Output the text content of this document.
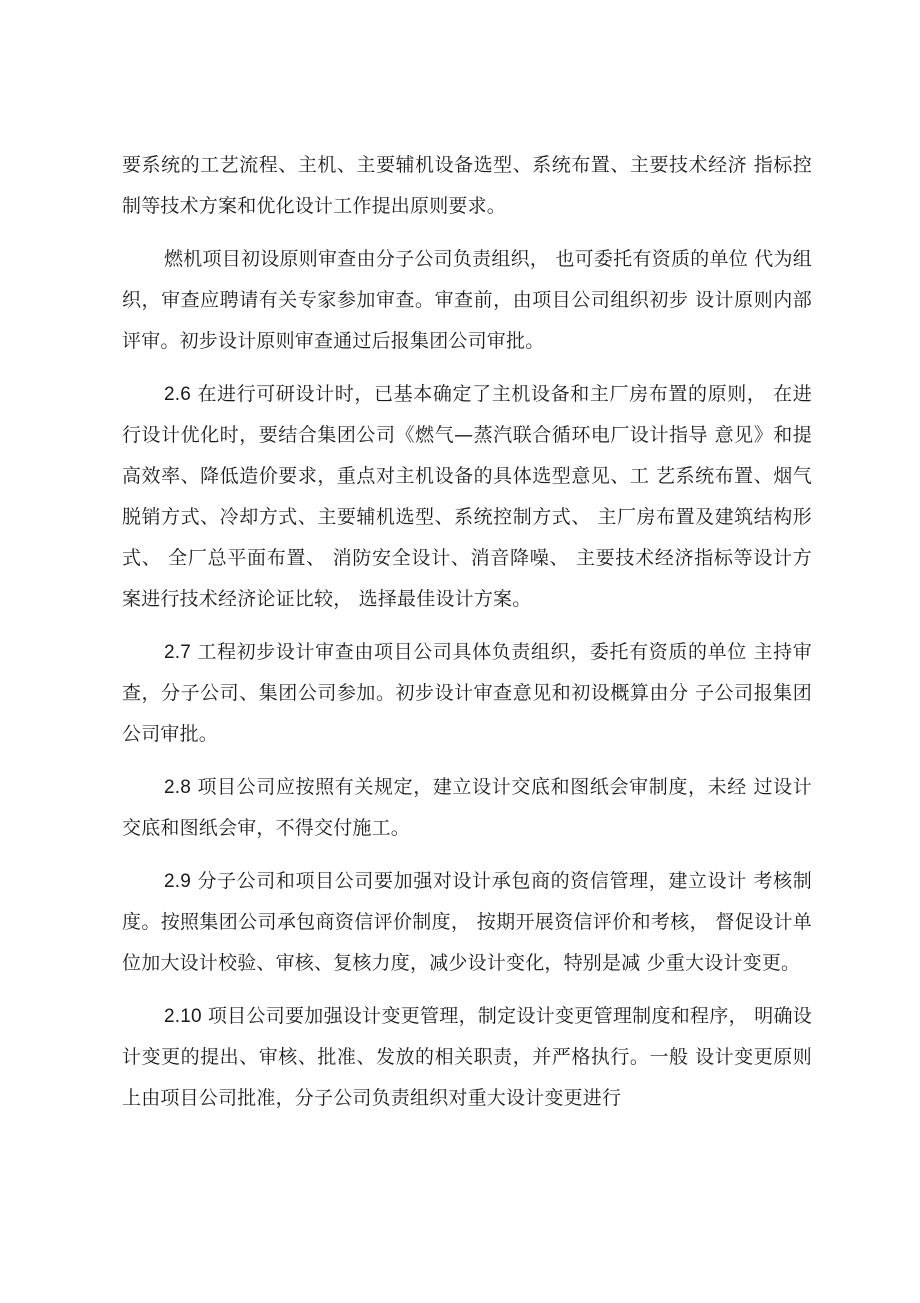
要系统的工艺流程、主机、主要辅机设备选型、系统布置、主要技术经济 指标控制等技术方案和优化设计工作提出原则要求。

燃机项目初设原则审查由分子公司负责组织， 也可委托有资质的单位 代为组织，审查应聘请有关专家参加审查。审查前，由项目公司组织初步 设计原则内部评审。初步设计原则审查通过后报集团公司审批。

2.6 在进行可研设计时，已基本确定了主机设备和主厂房布置的原则， 在进行设计优化时，要结合集团公司《燃气—蒸汽联合循环电厂设计指导 意见》和提高效率、降低造价要求，重点对主机设备的具体选型意见、工 艺系统布置、烟气脱销方式、冷却方式、主要辅机选型、系统控制方式、 主厂房布置及建筑结构形式、 全厂总平面布置、 消防安全设计、消音降噪、 主要技术经济指标等设计方案进行技术经济论证比较， 选择最佳设计方案。

2.7 工程初步设计审查由项目公司具体负责组织，委托有资质的单位 主持审查，分子公司、集团公司参加。初步设计审查意见和初设概算由分 子公司报集团公司审批。

2.8 项目公司应按照有关规定，建立设计交底和图纸会审制度，未经 过设计交底和图纸会审，不得交付施工。

2.9 分子公司和项目公司要加强对设计承包商的资信管理，建立设计 考核制度。按照集团公司承包商资信评价制度， 按期开展资信评价和考核， 督促设计单位加大设计校验、审核、复核力度，减少设计变化，特别是减 少重大设计变更。

2.10 项目公司要加强设计变更管理，制定设计变更管理制度和程序， 明确设计变更的提出、审核、批准、发放的相关职责，并严格执行。一般 设计变更原则上由项目公司批准，分子公司负责组织对重大设计变更进行
